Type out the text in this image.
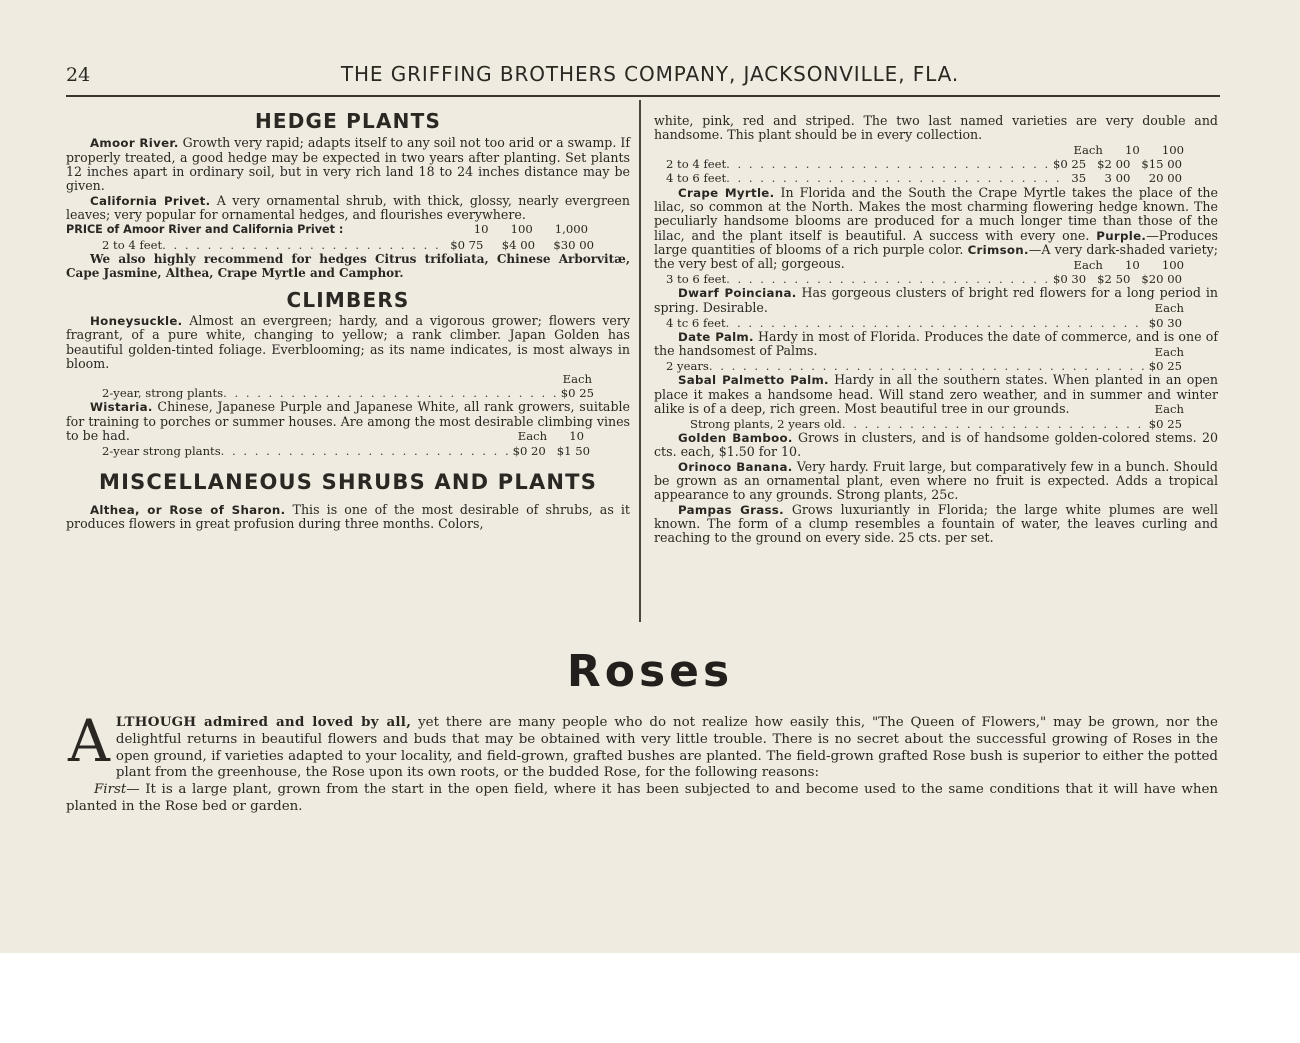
24	THE GRIFFING BROTHERS COMPANY, JACKSONVILLE, FLA.
HEDGE PLANTS

Amoor River. Growth very rapid; adapts itself to any soil not too arid or a swamp. If properly treated, a good hedge may be expected in two years after planting. Set plants 12 inches apart in ordinary soil, but in very rich land 18 to 24 inches distance may be given.

California Privet. A very ornamental shrub, with thick, glossy, nearly evergreen leaves; very popular for ornamental hedges, and flourishes everywhere.

PRICE of Amoor River and California Privet :	10      100      1,000
2 to 4 feet . . .	$0 75     $4 00     $30 00

We also highly recommend for hedges Citrus trifoliata, Chinese Arborvitæ, Cape Jasmine, Althea, Crape Myrtle and Camphor.

CLIMBERS

Honeysuckle. Almost an evergreen; hardy, and a vigorous grower; flowers very fragrant, of a pure white, changing to yellow; a rank climber. Japan Golden has beautiful golden-tinted foliage. Everblooming; as its name indicates, is most always in bloom.

Each
2-year, strong plants . . .	$0 25

Wistaria. Chinese, Japanese Purple and Japanese White, all rank growers, suitable for training to porches or summer houses. Are among the most desirable climbing vines to be had.	Each      10
2-year strong plants . . .	$0 20   $1 50
MISCELLANEOUS SHRUBS AND PLANTS

Althea, or Rose of Sharon. This is one of the most desirable of shrubs, as it produces flowers in great profusion during three months. Colors,

white, pink, red and striped. The two last named varieties are very double and handsome. This plant should be in every collection.

Each      10      100
2 to 4 feet . . .	$0 25   $2 00   $15 00
4 to 6 feet . . .	35     3 00     20 00

Crape Myrtle. In Florida and the South the Crape Myrtle takes the place of the lilac, so common at the North. Makes the most charming flowering hedge known. The peculiarly handsome blooms are produced for a much longer time than those of the lilac, and the plant itself is beautiful. A success with every one. Purple.—Produces large quantities of blooms of a rich purple color. Crimson.—A very dark-shaded variety; the very best of all; gorgeous.	Each      10      100
3 to 6 feet . . .	$0 30   $2 50   $20 00

Dwarf Poinciana. Has gorgeous clusters of bright red flowers for a long period in spring. Desirable.	Each
4 tc 6 feet . . .	$0 30

Date Palm. Hardy in most of Florida. Produces the date of commerce, and is one of the handsomest of Palms.	Each
2 years . . .	$0 25

Sabal Palmetto Palm. Hardy in all the southern states. When planted in an open place it makes a handsome head. Will stand zero weather, and in summer and winter alike is of a deep, rich green. Most beautiful tree in our grounds.	Each
Strong plants, 2 years old . . .	$0 25

Golden Bamboo. Grows in clusters, and is of handsome golden-colored stems. 20 cts. each, $1.50 for 10.

Orinoco Banana. Very hardy. Fruit large, but comparatively few in a bunch. Should be grown as an ornamental plant, even where no fruit is expected. Adds a tropical appearance to any grounds. Strong plants, 25c.

Pampas Grass. Grows luxuriantly in Florida; the large white plumes are well known. The form of a clump resembles a fountain of water, the leaves curling and reaching to the ground on every side. 25 cts. per set.

Roses

ALTHOUGH admired and loved by all, yet there are many people who do not realize how easily this, "The Queen of Flowers," may be grown, nor the delightful returns in beautiful flowers and buds that may be obtained with very little trouble. There is no secret about the successful growing of Roses in the open ground, if varieties adapted to your locality, and field-grown, grafted bushes are planted. The field-grown grafted Rose bush is superior to either the potted plant from the greenhouse, the Rose upon its own roots, or the budded Rose, for the following reasons:

First— It is a large plant, grown from the start in the open field, where it has been subjected to and become used to the same conditions that it will have when planted in the Rose bed or garden.
